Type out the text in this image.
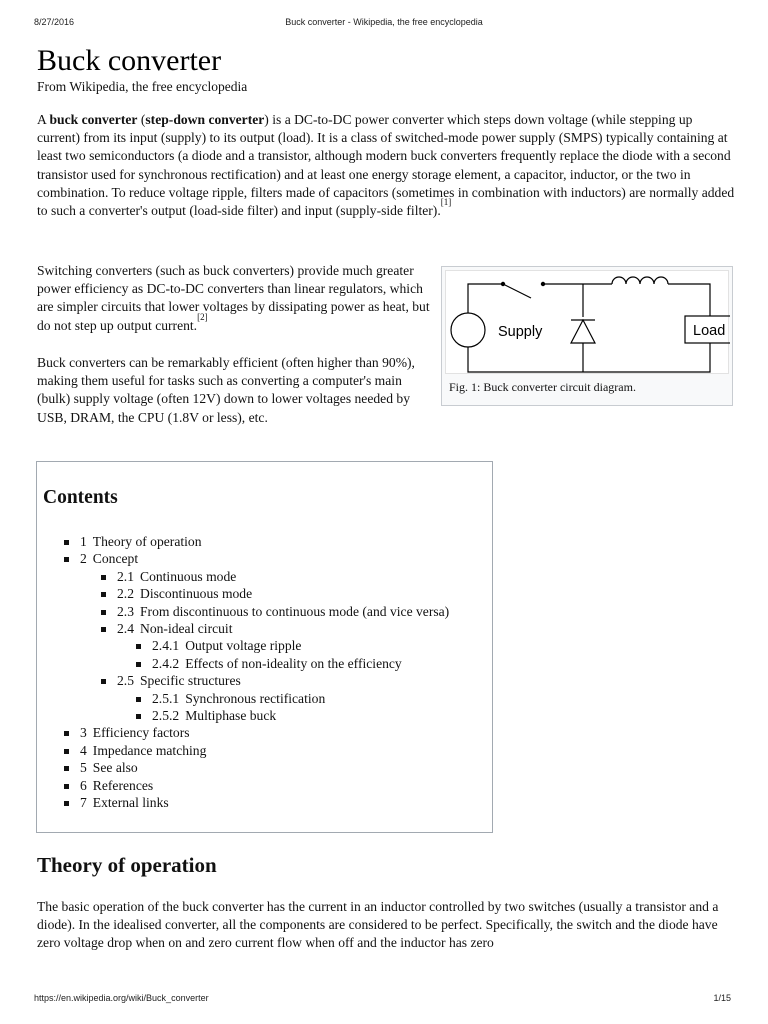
8/27/2016	Buck converter - Wikipedia, the free encyclopedia
Buck converter
From Wikipedia, the free encyclopedia

A buck converter (step-down converter) is a DC-to-DC power converter which steps down voltage (while stepping up current) from its input (supply) to its output (load). It is a class of switched-mode power supply (SMPS) typically containing at least two semiconductors (a diode and a transistor, although modern buck converters frequently replace the diode with a second transistor used for synchronous rectification) and at least one energy storage element, a capacitor, inductor, or the two in combination. To reduce voltage ripple, filters made of capacitors (sometimes in combination with inductors) are normally added to such a converter's output (load-side filter) and input (supply-side filter).[1]

Switching converters (such as buck converters) provide much greater power efficiency as DC-to-DC converters than linear regulators, which are simpler circuits that lower voltages by dissipating power as heat, but do not step up output current.[2]

Buck converters can be remarkably efficient (often higher than 90%), making them useful for tasks such as converting a computer's main (bulk) supply voltage (often 12V) down to lower voltages needed by USB, DRAM, the CPU (1.8V or less), etc.

Supply	Load
Fig. 1: Buck converter circuit diagram.
Contents
1 Theory of operation
2 Concept
2.1 Continuous mode
2.2 Discontinuous mode
2.3 From discontinuous to continuous mode (and vice versa)
2.4 Non-ideal circuit
2.4.1 Output voltage ripple
2.4.2 Effects of non-ideality on the efficiency
2.5 Specific structures
2.5.1 Synchronous rectification
2.5.2 Multiphase buck
3 Efficiency factors
4 Impedance matching
5 See also
6 References
7 External links
Theory of operation

The basic operation of the buck converter has the current in an inductor controlled by two switches (usually a transistor and a diode). In the idealised converter, all the components are considered to be perfect. Specifically, the switch and the diode have zero voltage drop when on and zero current flow when off and the inductor has zero

https://en.wikipedia.org/wiki/Buck_converter	1/15
